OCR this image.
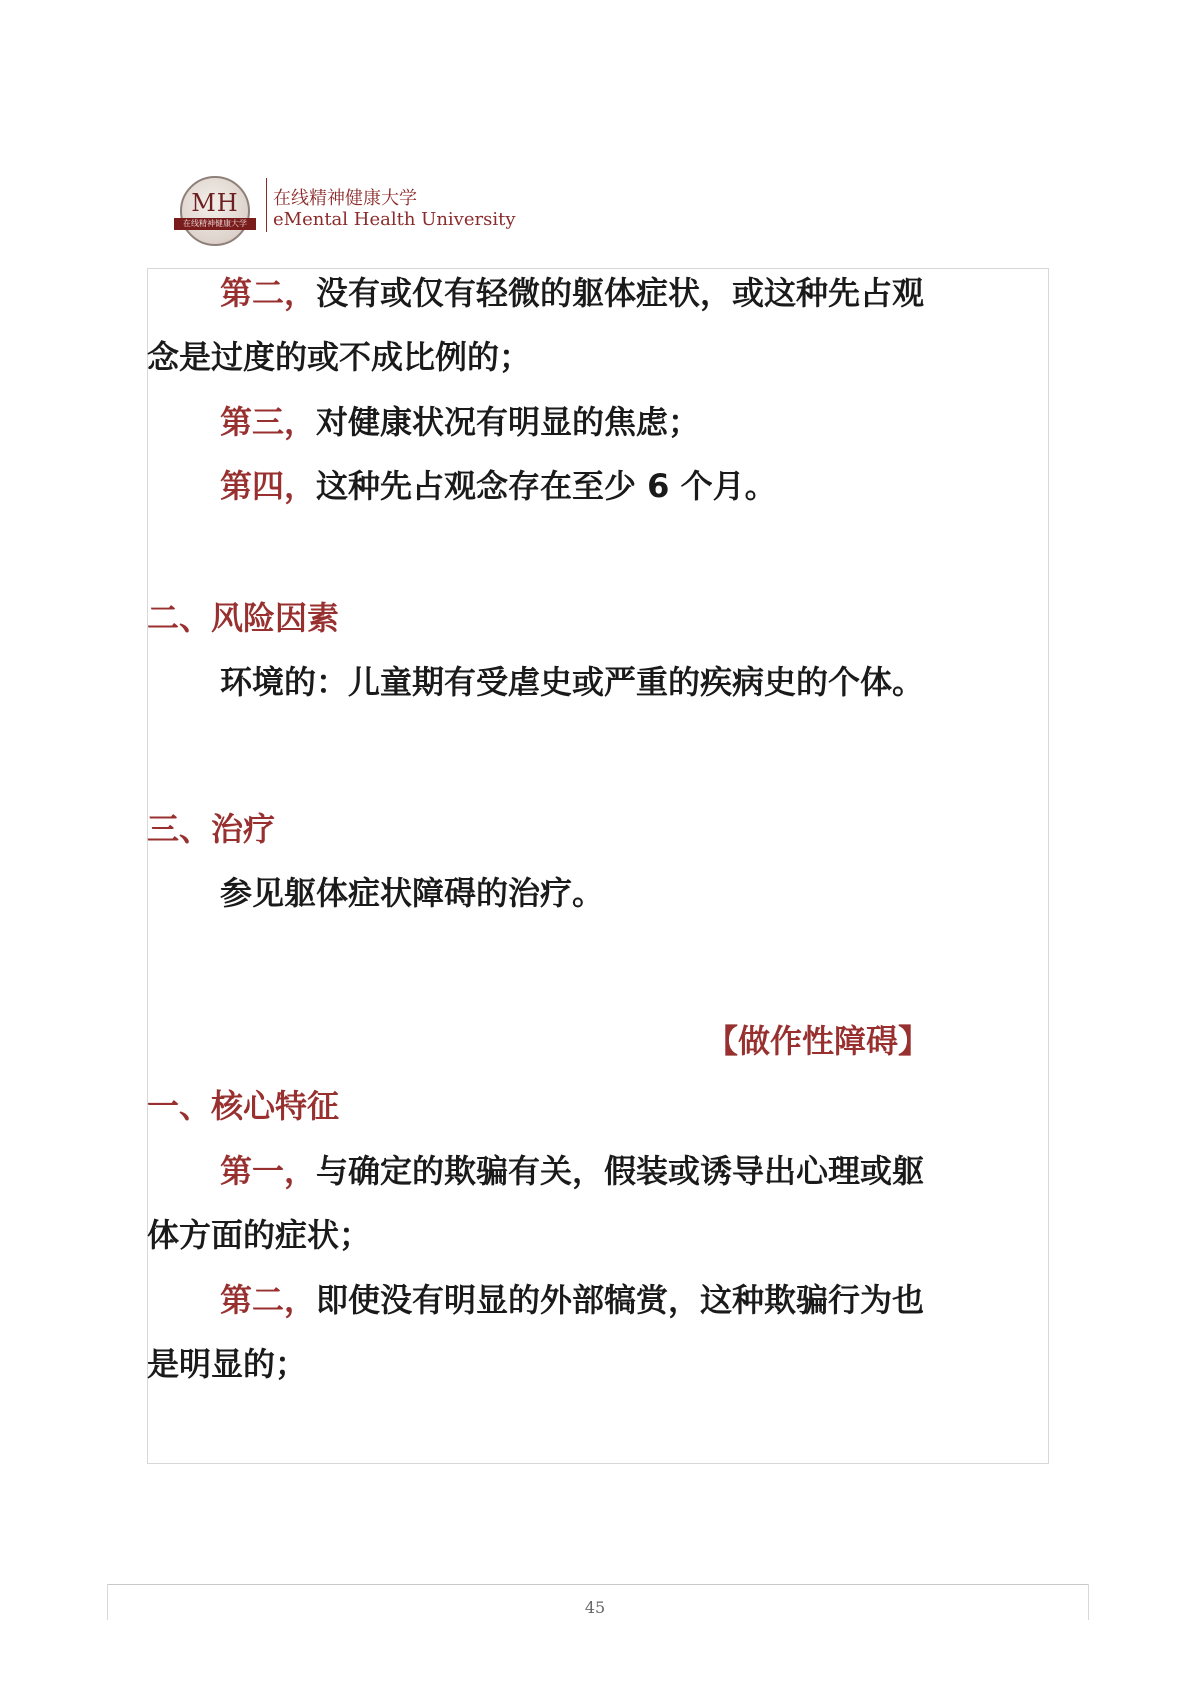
MH
在线精神健康大学
在线精神健康大学
eMental Health University
第二，没有或仅有轻微的躯体症状，或这种先占观
念是过度的或不成比例的；
第三，对健康状况有明显的焦虑；
第四，这种先占观念存在至少 6 个月。
二、风险因素
环境的：儿童期有受虐史或严重的疾病史的个体。
三、治疗
参见躯体症状障碍的治疗。
【做作性障碍】
一、核心特征
第一，与确定的欺骗有关，假装或诱导出心理或躯
体方面的症状；
第二，即使没有明显的外部犒赏，这种欺骗行为也
是明显的；
45
